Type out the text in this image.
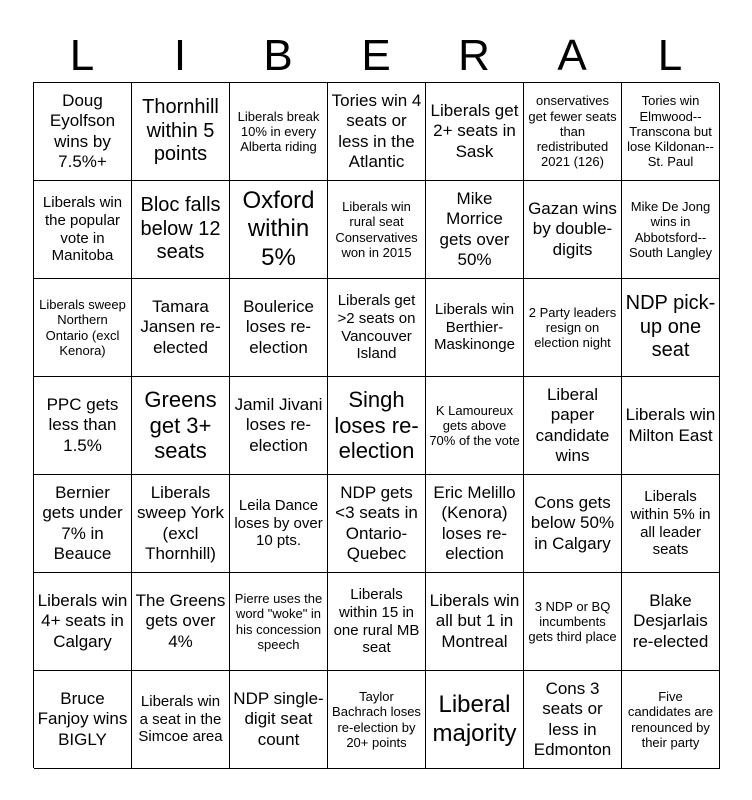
L	I	B	E	R	A	L
Doug Eyolfson wins by 7.5%+
Thornhill within 5 points
Liberals break 10% in every Alberta riding
Tories win 4 seats or less in the Atlantic
Liberals get 2+ seats in Sask
onservatives get fewer seats than redistributed 2021 (126)
Tories win Elmwood--Transcona but lose Kildonan--St. Paul
Liberals win the popular vote in Manitoba
Bloc falls below 12 seats
Oxford within 5%
Liberals win rural seat Conservatives won in 2015
Mike Morrice gets over 50%
Gazan wins by double-digits
Mike De Jong wins in Abbotsford--South Langley
Liberals sweep Northern Ontario (excl Kenora)
Tamara Jansen re-elected
Boulerice loses re-election
Liberals get >2 seats on Vancouver Island
Liberals win Berthier-Maskinonge
2 Party leaders resign on election night
NDP pick-up one seat
PPC gets less than 1.5%
Greens get 3+ seats
Jamil Jivani loses re-election
Singh loses re-election
K Lamoureux gets above 70% of the vote
Liberal paper candidate wins
Liberals win Milton East
Bernier gets under 7% in Beauce
Liberals sweep York (excl Thornhill)
Leila Dance loses by over 10 pts.
NDP gets <3 seats in Ontario-Quebec
Eric Melillo (Kenora) loses re-election
Cons gets below 50% in Calgary
Liberals within 5% in all leader seats
Liberals win 4+ seats in Calgary
The Greens gets over 4%
Pierre uses the word "woke" in his concession speech
Liberals within 15 in one rural MB seat
Liberals win all but 1 in Montreal
3 NDP or BQ incumbents gets third place
Blake Desjarlais re-elected
Bruce Fanjoy wins BIGLY
Liberals win a seat in the Simcoe area
NDP single-digit seat count
Taylor Bachrach loses re-election by 20+ points
Liberal majority
Cons 3 seats or less in Edmonton
Five candidates are renounced by their party
